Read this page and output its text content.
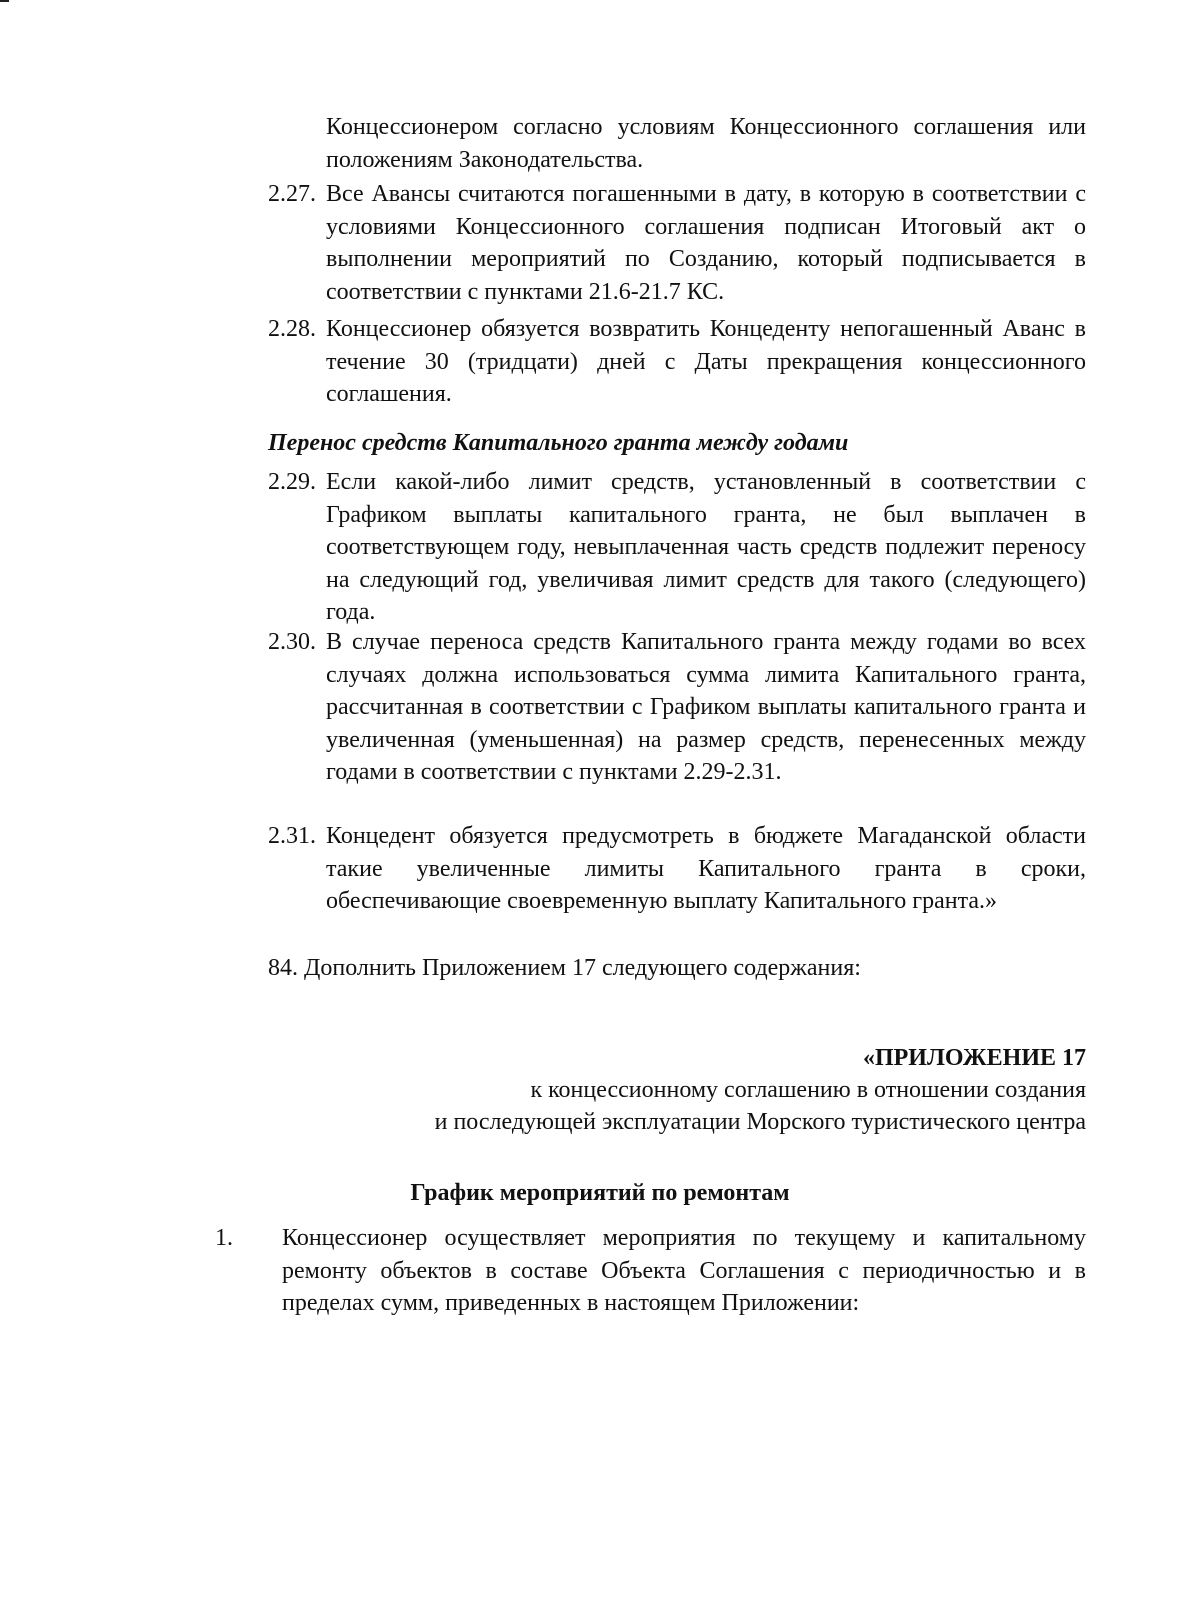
Концессионером согласно условиям Концессионного соглашения или положениям Законодательства.
2.27. Все Авансы считаются погашенными в дату, в которую в соответствии с условиями Концессионного соглашения подписан Итоговый акт о выполнении мероприятий по Созданию, который подписывается в соответствии с пунктами 21.6-21.7 КС.
2.28. Концессионер обязуется возвратить Концеденту непогашенный Аванс в течение 30 (тридцати) дней с Даты прекращения концессионного соглашения.
Перенос средств Капитального гранта между годами
2.29. Если какой-либо лимит средств, установленный в соответствии с Графиком выплаты капитального гранта, не был выплачен в соответствующем году, невыплаченная часть средств подлежит переносу на следующий год, увеличивая лимит средств для такого (следующего) года.
2.30. В случае переноса средств Капитального гранта между годами во всех случаях должна использоваться сумма лимита Капитального гранта, рассчитанная в соответствии с Графиком выплаты капитального гранта и увеличенная (уменьшенная) на размер средств, перенесенных между годами в соответствии с пунктами 2.29-2.31.
2.31. Концедент обязуется предусмотреть в бюджете Магаданской области такие увеличенные лимиты Капитального гранта в сроки, обеспечивающие своевременную выплату Капитального гранта.»
84. Дополнить Приложением 17 следующего содержания:
«ПРИЛОЖЕНИЕ 17
к концессионному соглашению в отношении создания
и последующей эксплуатации Морского туристического центра
График мероприятий по ремонтам
1. Концессионер осуществляет мероприятия по текущему и капитальному ремонту объектов в составе Объекта Соглашения с периодичностью и в пределах сумм, приведенных в настоящем Приложении:
